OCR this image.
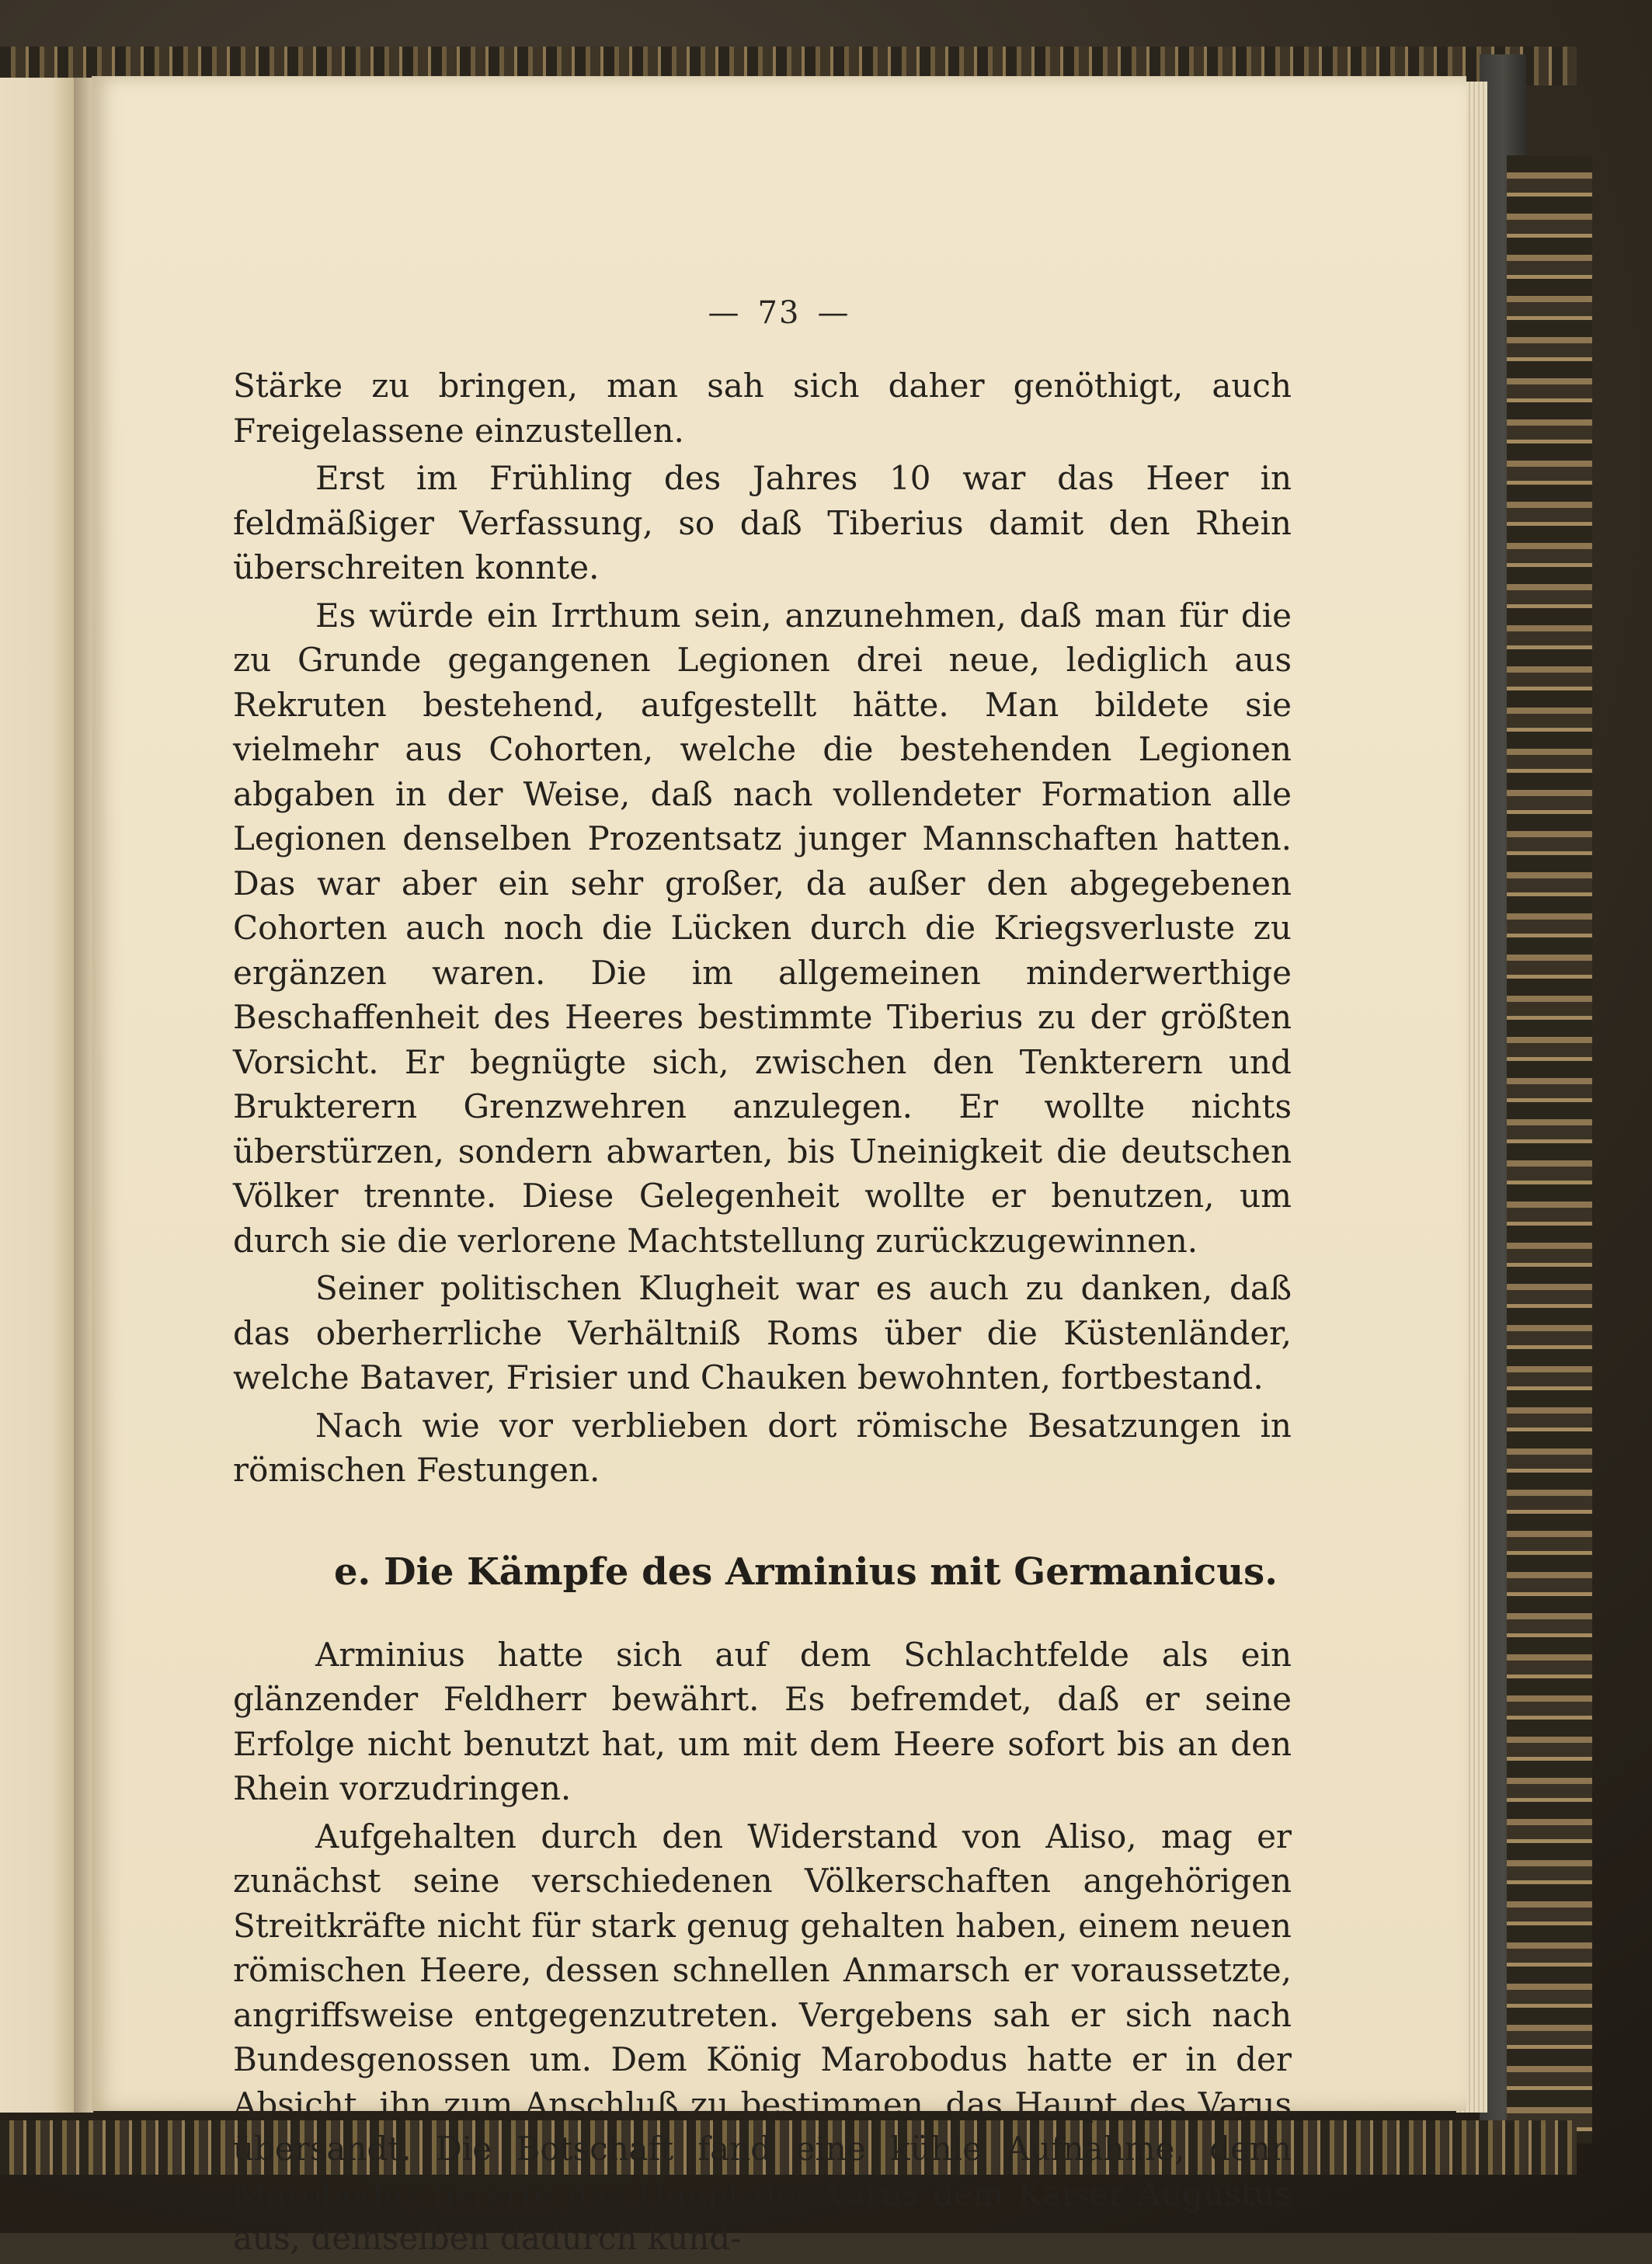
— 73 —

Stärke zu bringen, man sah sich daher genöthigt, auch Freigelassene einzustellen.

Erst im Frühling des Jahres 10 war das Heer in feldmäßiger Verfassung, so daß Tiberius damit den Rhein überschreiten konnte.

Es würde ein Irrthum sein, anzunehmen, daß man für die zu Grunde gegangenen Legionen drei neue, lediglich aus Rekruten bestehend, aufgestellt hätte. Man bildete sie vielmehr aus Cohorten, welche die bestehenden Legionen abgaben in der Weise, daß nach vollendeter Formation alle Legionen denselben Prozentsatz junger Mannschaften hatten. Das war aber ein sehr großer, da außer den abgegebenen Cohorten auch noch die Lücken durch die Kriegsverluste zu ergänzen waren. Die im allgemeinen minderwerthige Beschaffenheit des Heeres bestimmte Tiberius zu der größten Vorsicht. Er begnügte sich, zwischen den Tenkterern und Brukterern Grenzwehren anzulegen. Er wollte nichts überstürzen, sondern abwarten, bis Uneinigkeit die deutschen Völker trennte. Diese Gelegenheit wollte er benutzen, um durch sie die verlorene Machtstellung zurückzugewinnen.

Seiner politischen Klugheit war es auch zu danken, daß das oberherrliche Verhältniß Roms über die Küstenländer, welche Bataver, Frisier und Chauken bewohnten, fortbestand.

Nach wie vor verblieben dort römische Besatzungen in römischen Festungen.

e. Die Kämpfe des Arminius mit Germanicus.

Arminius hatte sich auf dem Schlachtfelde als ein glänzender Feldherr bewährt. Es befremdet, daß er seine Erfolge nicht benutzt hat, um mit dem Heere sofort bis an den Rhein vorzudringen.

Aufgehalten durch den Widerstand von Aliso, mag er zunächst seine verschiedenen Völkerschaften angehörigen Streitkräfte nicht für stark genug gehalten haben, einem neuen römischen Heere, dessen schnellen Anmarsch er voraussetzte, angriffsweise entgegenzutreten. Vergebens sah er sich nach Bundesgenossen um. Dem König Marobodus hatte er in der Absicht, ihn zum Anschluß zu bestimmen, das Haupt des Varus übersandt. Die Botschaft fand eine kühle Aufnahme, denn Marobodus lieferte das Haupt des Varus dem Kaiser Augustus aus, demselben dadurch kund-
